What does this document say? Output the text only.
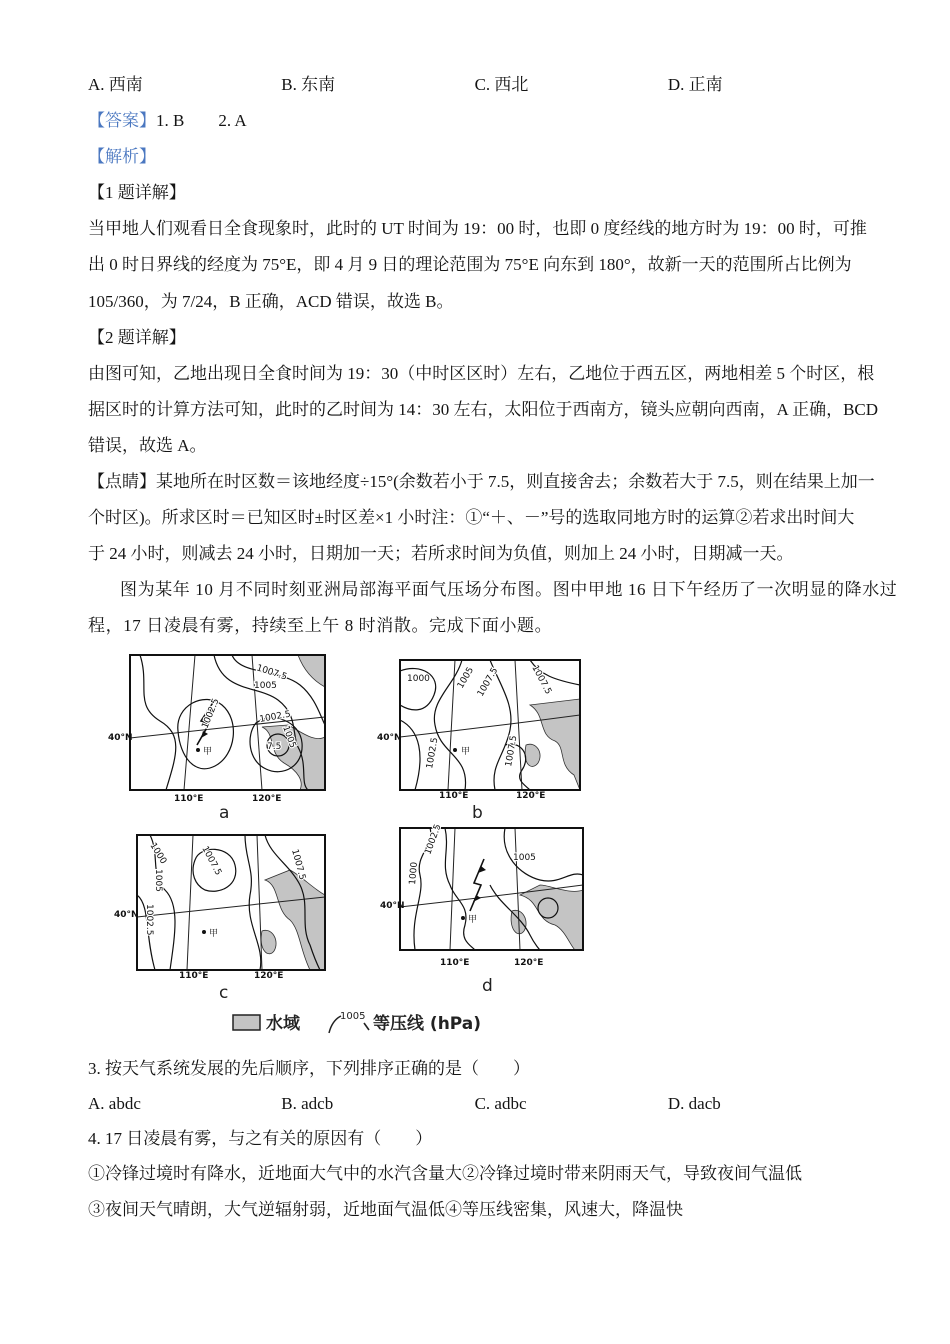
A. 西南	B. 东南	C. 西北	D. 正南
【答案】1. B　　2. A
【解析】
【1 题详解】
当甲地人们观看日全食现象时，此时的 UT 时间为 19：00 时，也即 0 度经线的地方时为 19：00 时，可推
出 0 时日界线的经度为 75°E，即 4 月 9 日的理论范围为 75°E 向东到 180°，故新一天的范围所占比例为
105/360，为 7/24，B 正确，ACD 错误，故选 B。
【2 题详解】
由图可知，乙地出现日全食时间为 19：30（中时区区时）左右，乙地位于西五区，两地相差 5 个时区，根
据区时的计算方法可知，此时的乙时间为 14：30 左右，太阳位于西南方，镜头应朝向西南，A 正确，BCD
错误，故选 A。
【点睛】某地所在时区数＝该地经度÷15°(余数若小于 7.5，则直接舍去；余数若大于 7.5，则在结果上加一
个时区)。所求区时＝已知区时±时区差×1 小时注：①“＋、－”号的选取同地方时的运算②若求出时间大
于 24 小时，则减去 24 小时，日期加一天；若所求时间为负值，则加上 24 小时，日期减一天。
图为某年 10 月不同时刻亚洲局部海平面气压场分布图。图中甲地 16 日下午经历了一次明显的降水过
程，17 日凌晨有雾，持续至上午 8 时消散。完成下面小题。
1007.5
1005
1002.5	1002.5
1005
7.5
甲
40°N
110°E	120°E
a
1000	1005 1007.5	1007.5
1002.5	1007.5
甲
40°N
110°E	120°E
b
1000	1007.5
1005
1002.5
1007.5
甲
40°N
110°E	120°E
c
1002.5
1000
1005
甲
40°N
110°E	120°E
d
水域	1005 等压线 (hPa)
3. 按天气系统发展的先后顺序，下列排序正确的是（　　）
A. abdc	B. adcb	C. adbc	D. dacb
4. 17 日凌晨有雾，与之有关的原因有（　　）
①冷锋过境时有降水，近地面大气中的水汽含量大②冷锋过境时带来阴雨天气，导致夜间气温低
③夜间天气晴朗，大气逆辐射弱，近地面气温低④等压线密集，风速大，降温快
